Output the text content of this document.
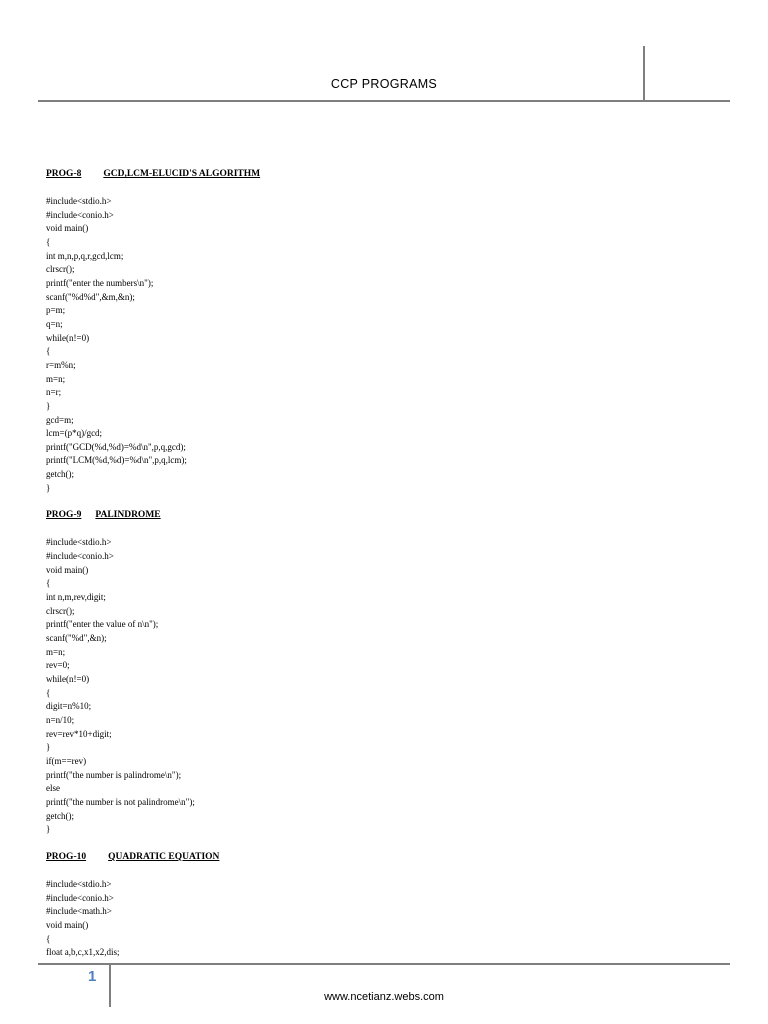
CCP PROGRAMS
PROG-8 GCD,LCM-ELUCID'S ALGORITHM
#include<stdio.h>
#include<conio.h>
void main()
{
int m,n,p,q,r,gcd,lcm;
clrscr();
printf("enter the numbers\n");
scanf("%d%d",&m,&n);
p=m;
q=n;
while(n!=0)
{
r=m%n;
m=n;
n=r;
}
gcd=m;
lcm=(p*q)/gcd;
printf("GCD(%d,%d)=%d\n",p,q,gcd);
printf("LCM(%d,%d)=%d\n",p,q,lcm);
getch();
}
PROG-9 PALINDROME
#include<stdio.h>
#include<conio.h>
void main()
{
int n,m,rev,digit;
clrscr();
printf("enter the value of n\n");
scanf("%d",&n);
m=n;
rev=0;
while(n!=0)
{
digit=n%10;
n=n/10;
rev=rev*10+digit;
}
if(m==rev)
printf("the number is palindrome\n");
else
printf("the number is not palindrome\n");
getch();
}
PROG-10 QUADRATIC EQUATION
#include<stdio.h>
#include<conio.h>
#include<math.h>
void main()
{
float a,b,c,x1,x2,dis;
1
www.ncetianz.webs.com
